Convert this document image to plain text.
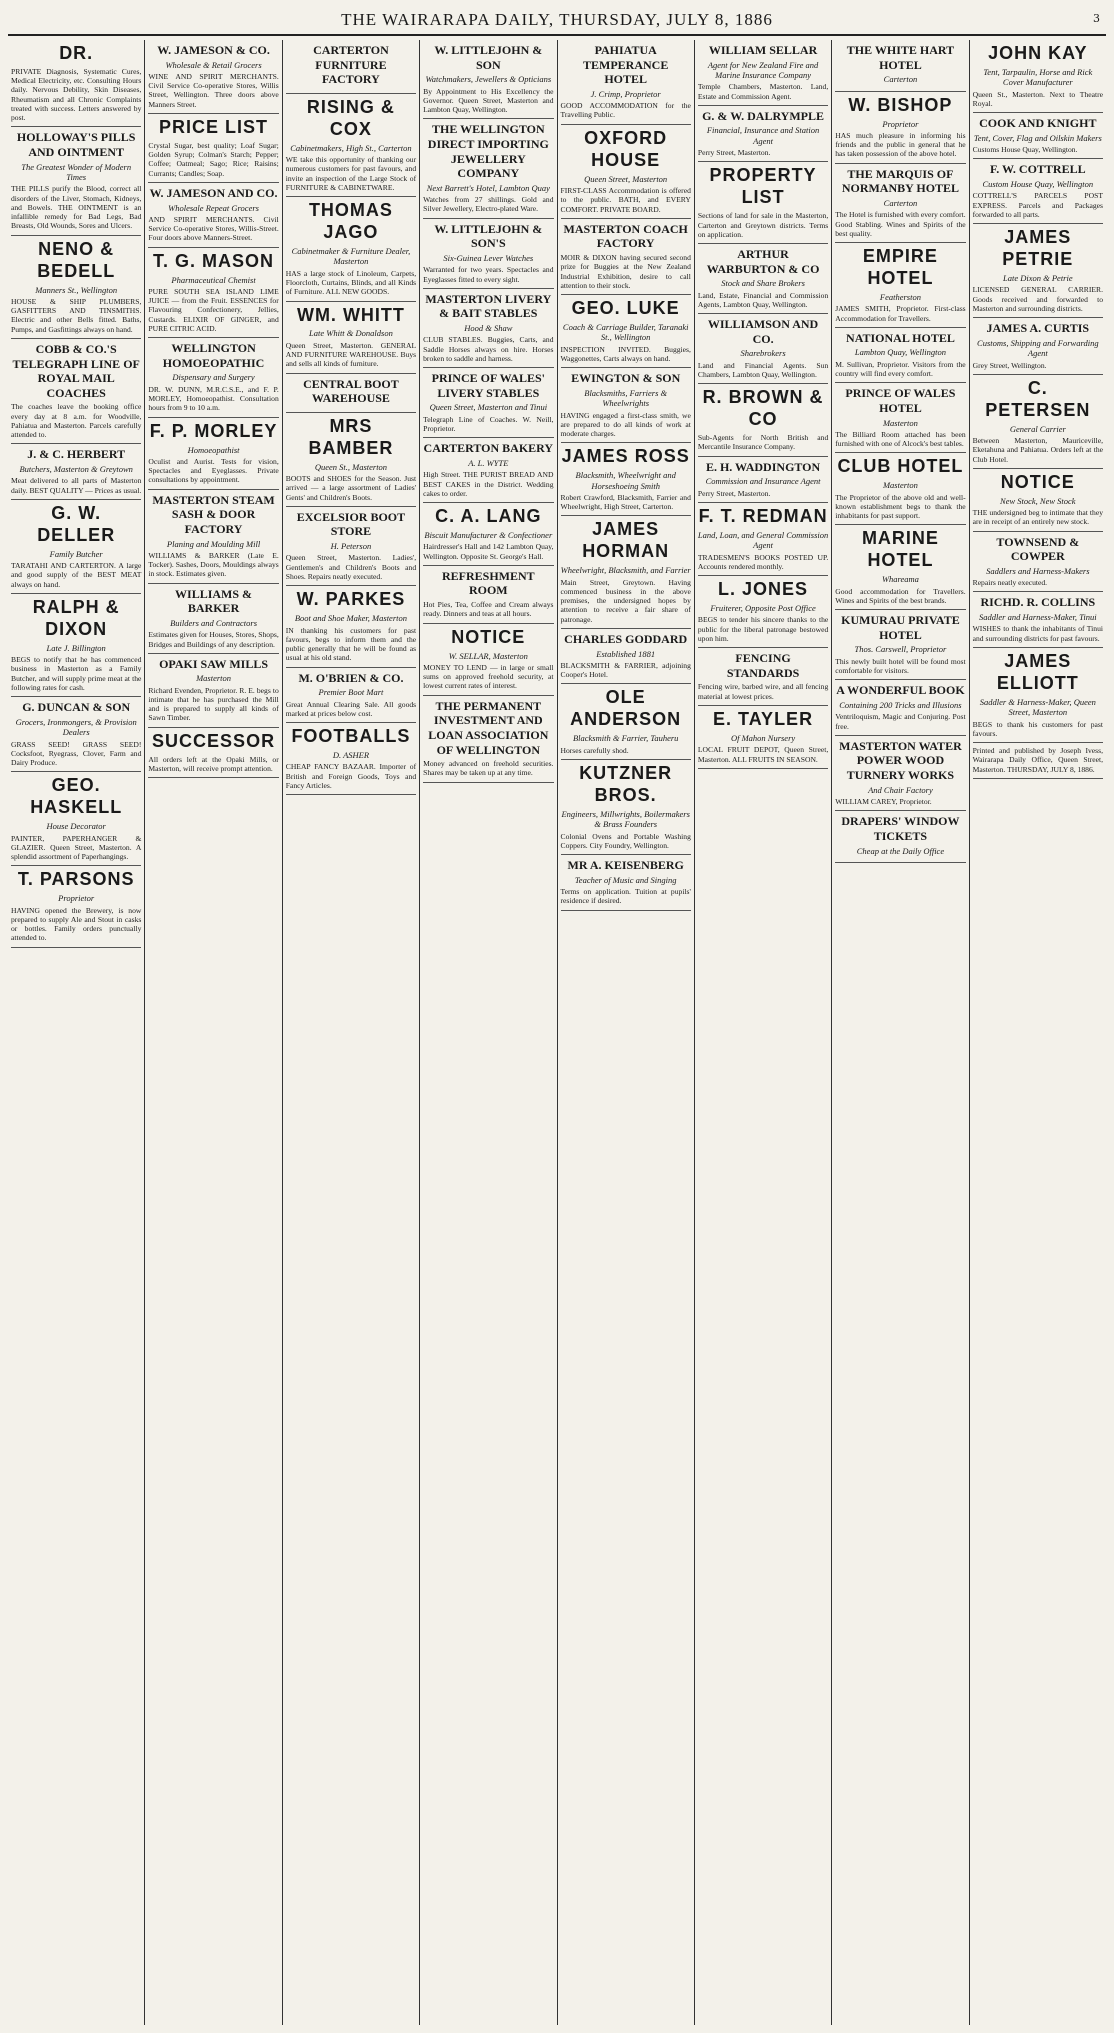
THE WAIRARAPA DAILY, THURSDAY, JULY 8, 1886	3
DR.

PRIVATE Diagnosis, Systematic Cures, Medical Electricity, etc. Consulting Hours daily. Nervous Debility, Skin Diseases, Rheumatism and all Chronic Complaints treated with success. Letters answered by post.

HOLLOWAY'S PILLS AND OINTMENT
The Greatest Wonder of Modern Times

THE PILLS purify the Blood, correct all disorders of the Liver, Stomach, Kidneys, and Bowels. THE OINTMENT is an infallible remedy for Bad Legs, Bad Breasts, Old Wounds, Sores and Ulcers.

NENO & BEDELL
Manners St., Wellington

HOUSE & SHIP PLUMBERS, GASFITTERS AND TINSMITHS. Electric and other Bells fitted. Baths, Pumps, and Gasfittings always on hand.

COBB & CO.'S TELEGRAPH LINE OF ROYAL MAIL COACHES

The coaches leave the booking office every day at 8 a.m. for Woodville, Pahiatua and Masterton. Parcels carefully attended to.

J. & C. HERBERT
Butchers, Masterton & Greytown

Meat delivered to all parts of Masterton daily. BEST QUALITY — Prices as usual.

G. W. DELLER
Family Butcher

TARATAHI AND CARTERTON. A large and good supply of the BEST MEAT always on hand.

RALPH & DIXON
Late J. Billington

BEGS to notify that he has commenced business in Masterton as a Family Butcher, and will supply prime meat at the following rates for cash.

G. DUNCAN & SON
Grocers, Ironmongers, & Provision Dealers

GRASS SEED! GRASS SEED! Cocksfoot, Ryegrass, Clover, Farm and Dairy Produce.

GEO. HASKELL
House Decorator

PAINTER, PAPERHANGER & GLAZIER. Queen Street, Masterton. A splendid assortment of Paperhangings.

T. PARSONS
Proprietor

HAVING opened the Brewery, is now prepared to supply Ale and Stout in casks or bottles. Family orders punctually attended to.

W. JAMESON & CO.
Wholesale & Retail Grocers

WINE AND SPIRIT MERCHANTS. Civil Service Co-operative Stores, Willis Street, Wellington. Three doors above Manners Street.

PRICE LIST

Crystal Sugar, best quality; Loaf Sugar; Golden Syrup; Colman's Starch; Pepper; Coffee; Oatmeal; Sago; Rice; Raisins; Currants; Candles; Soap.

W. JAMESON AND CO.
Wholesale Repeat Grocers

AND SPIRIT MERCHANTS. Civil Service Co-operative Stores, Willis-Street. Four doors above Manners-Street.

T. G. MASON
Pharmaceutical Chemist

PURE SOUTH SEA ISLAND LIME JUICE — from the Fruit. ESSENCES for Flavouring Confectionery, Jellies, Custards. ELIXIR OF GINGER, and PURE CITRIC ACID.

WELLINGTON HOMOEOPATHIC
Dispensary and Surgery

DR. W. DUNN, M.R.C.S.E., and F. P. MORLEY, Homoeopathist. Consultation hours from 9 to 10 a.m.

F. P. MORLEY
Homoeopathist

Oculist and Aurist. Tests for vision, Spectacles and Eyeglasses. Private consultations by appointment.

MASTERTON STEAM SASH & DOOR FACTORY
Planing and Moulding Mill

WILLIAMS & BARKER (Late E. Tocker). Sashes, Doors, Mouldings always in stock. Estimates given.

WILLIAMS & BARKER
Builders and Contractors

Estimates given for Houses, Stores, Shops, Bridges and Buildings of any description.

OPAKI SAW MILLS
Masterton

Richard Evenden, Proprietor. R. E. begs to intimate that he has purchased the Mill and is prepared to supply all kinds of Sawn Timber.

SUCCESSOR

All orders left at the Opaki Mills, or Masterton, will receive prompt attention.

CARTERTON FURNITURE FACTORY
RISING & COX
Cabinetmakers, High St., Carterton

WE take this opportunity of thanking our numerous customers for past favours, and invite an inspection of the Large Stock of FURNITURE & CABINETWARE.

THOMAS JAGO
Cabinetmaker & Furniture Dealer, Masterton

HAS a large stock of Linoleum, Carpets, Floorcloth, Curtains, Blinds, and all Kinds of Furniture. ALL NEW GOODS.

WM. WHITT
Late Whitt & Donaldson

Queen Street, Masterton. GENERAL AND FURNITURE WAREHOUSE. Buys and sells all kinds of furniture.

CENTRAL BOOT WAREHOUSE
MRS BAMBER
Queen St., Masterton

BOOTS and SHOES for the Season. Just arrived — a large assortment of Ladies' Gents' and Children's Boots.

EXCELSIOR BOOT STORE
H. Peterson

Queen Street, Masterton. Ladies', Gentlemen's and Children's Boots and Shoes. Repairs neatly executed.

W. PARKES
Boot and Shoe Maker, Masterton

IN thanking his customers for past favours, begs to inform them and the public generally that he will be found as usual at his old stand.

M. O'BRIEN & CO.
Premier Boot Mart

Great Annual Clearing Sale. All goods marked at prices below cost.

FOOTBALLS
D. ASHER

CHEAP FANCY BAZAAR. Importer of British and Foreign Goods, Toys and Fancy Articles.

W. LITTLEJOHN & SON
Watchmakers, Jewellers & Opticians

By Appointment to His Excellency the Governor. Queen Street, Masterton and Lambton Quay, Wellington.

THE WELLINGTON DIRECT IMPORTING JEWELLERY COMPANY
Next Barrett's Hotel, Lambton Quay

Watches from 27 shillings. Gold and Silver Jewellery, Electro-plated Ware.

W. LITTLEJOHN & SON'S
Six-Guinea Lever Watches

Warranted for two years. Spectacles and Eyeglasses fitted to every sight.

MASTERTON LIVERY & BAIT STABLES
Hood & Shaw

CLUB STABLES. Buggies, Carts, and Saddle Horses always on hire. Horses broken to saddle and harness.

PRINCE OF WALES' LIVERY STABLES
Queen Street, Masterton and Tinui

Telegraph Line of Coaches. W. Neill, Proprietor.

CARTERTON BAKERY
A. L. WYTE

High Street. THE PURIST BREAD AND BEST CAKES in the District. Wedding cakes to order.

C. A. LANG
Biscuit Manufacturer & Confectioner

Hairdresser's Hall and 142 Lambton Quay, Wellington. Opposite St. George's Hall.

REFRESHMENT ROOM

Hot Pies, Tea, Coffee and Cream always ready. Dinners and teas at all hours.

NOTICE
W. SELLAR, Masterton

MONEY TO LEND — in large or small sums on approved freehold security, at lowest current rates of interest.

THE PERMANENT INVESTMENT AND LOAN ASSOCIATION OF WELLINGTON

Money advanced on freehold securities. Shares may be taken up at any time.

PAHIATUA TEMPERANCE HOTEL
J. Crimp, Proprietor

GOOD ACCOMMODATION for the Travelling Public.

OXFORD HOUSE
Queen Street, Masterton

FIRST-CLASS Accommodation is offered to the public. BATH, and EVERY COMFORT. PRIVATE BOARD.

MASTERTON COACH FACTORY

MOIR & DIXON having secured second prize for Buggies at the New Zealand Industrial Exhibition, desire to call attention to their stock.

GEO. LUKE
Coach & Carriage Builder, Taranaki St., Wellington

INSPECTION INVITED. Buggies, Waggonettes, Carts always on hand.

EWINGTON & SON
Blacksmiths, Farriers & Wheelwrights

HAVING engaged a first-class smith, we are prepared to do all kinds of work at moderate charges.

JAMES ROSS
Blacksmith, Wheelwright and Horseshoeing Smith

Robert Crawford, Blacksmith, Farrier and Wheelwright, High Street, Carterton.

JAMES HORMAN
Wheelwright, Blacksmith, and Farrier

Main Street, Greytown. Having commenced business in the above premises, the undersigned hopes by attention to receive a fair share of patronage.

CHARLES GODDARD
Established 1881

BLACKSMITH & FARRIER, adjoining Cooper's Hotel.

OLE ANDERSON
Blacksmith & Farrier, Tauheru

Horses carefully shod.

KUTZNER BROS.
Engineers, Millwrights, Boilermakers & Brass Founders

Colonial Ovens and Portable Washing Coppers. City Foundry, Wellington.

MR A. KEISENBERG
Teacher of Music and Singing

Terms on application. Tuition at pupils' residence if desired.

WILLIAM SELLAR
Agent for New Zealand Fire and Marine Insurance Company

Temple Chambers, Masterton. Land, Estate and Commission Agent.

G. & W. DALRYMPLE
Financial, Insurance and Station Agent

Perry Street, Masterton.

PROPERTY LIST

Sections of land for sale in the Masterton, Carterton and Greytown districts. Terms on application.

ARTHUR WARBURTON & CO
Stock and Share Brokers

Land, Estate, Financial and Commission Agents, Lambton Quay, Wellington.

WILLIAMSON AND CO.
Sharebrokers

Land and Financial Agents. Sun Chambers, Lambton Quay, Wellington.

R. BROWN & CO

Sub-Agents for North British and Mercantile Insurance Company.

E. H. WADDINGTON
Commission and Insurance Agent

Perry Street, Masterton.

F. T. REDMAN
Land, Loan, and General Commission Agent

TRADESMEN'S BOOKS POSTED UP. Accounts rendered monthly.

L. JONES
Fruiterer, Opposite Post Office

BEGS to tender his sincere thanks to the public for the liberal patronage bestowed upon him.

FENCING STANDARDS

Fencing wire, barbed wire, and all fencing material at lowest prices.

E. TAYLER
Of Mahon Nursery

LOCAL FRUIT DEPOT, Queen Street, Masterton. ALL FRUITS IN SEASON.

THE WHITE HART HOTEL
Carterton
W. BISHOP
Proprietor

HAS much pleasure in informing his friends and the public in general that he has taken possession of the above hotel.

THE MARQUIS OF NORMANBY HOTEL
Carterton

The Hotel is furnished with every comfort. Good Stabling. Wines and Spirits of the best quality.

EMPIRE HOTEL
Featherston

JAMES SMITH, Proprietor. First-class Accommodation for Travellers.

NATIONAL HOTEL
Lambton Quay, Wellington

M. Sullivan, Proprietor. Visitors from the country will find every comfort.

PRINCE OF WALES HOTEL
Masterton

The Billiard Room attached has been furnished with one of Alcock's best tables.

CLUB HOTEL
Masterton

The Proprietor of the above old and well-known establishment begs to thank the inhabitants for past support.

MARINE HOTEL
Whareama

Good accommodation for Travellers. Wines and Spirits of the best brands.

KUMURAU PRIVATE HOTEL
Thos. Carswell, Proprietor

This newly built hotel will be found most comfortable for visitors.

A WONDERFUL BOOK
Containing 200 Tricks and Illusions

Ventriloquism, Magic and Conjuring. Post free.

MASTERTON WATER POWER WOOD TURNERY WORKS
And Chair Factory

WILLIAM CAREY, Proprietor.

DRAPERS' WINDOW TICKETS
Cheap at the Daily Office
JOHN KAY
Tent, Tarpaulin, Horse and Rick Cover Manufacturer

Queen St., Masterton. Next to Theatre Royal.

COOK AND KNIGHT
Tent, Cover, Flag and Oilskin Makers

Customs House Quay, Wellington.

F. W. COTTRELL
Custom House Quay, Wellington

COTTRELL'S PARCELS POST EXPRESS. Parcels and Packages forwarded to all parts.

JAMES PETRIE
Late Dixon & Petrie

LICENSED GENERAL CARRIER. Goods received and forwarded to Masterton and surrounding districts.

JAMES A. CURTIS
Customs, Shipping and Forwarding Agent

Grey Street, Wellington.

C. PETERSEN
General Carrier

Between Masterton, Mauriceville, Eketahuna and Pahiatua. Orders left at the Club Hotel.

NOTICE
New Stock, New Stock

THE undersigned beg to intimate that they are in receipt of an entirely new stock.

TOWNSEND & COWPER
Saddlers and Harness-Makers

Repairs neatly executed.

RICHD. R. COLLINS
Saddler and Harness-Maker, Tinui

WISHES to thank the inhabitants of Tinui and surrounding districts for past favours.

JAMES ELLIOTT
Saddler & Harness-Maker, Queen Street, Masterton

BEGS to thank his customers for past favours.

Printed and published by Joseph Ivess, Wairarapa Daily Office, Queen Street, Masterton. THURSDAY, JULY 8, 1886.
